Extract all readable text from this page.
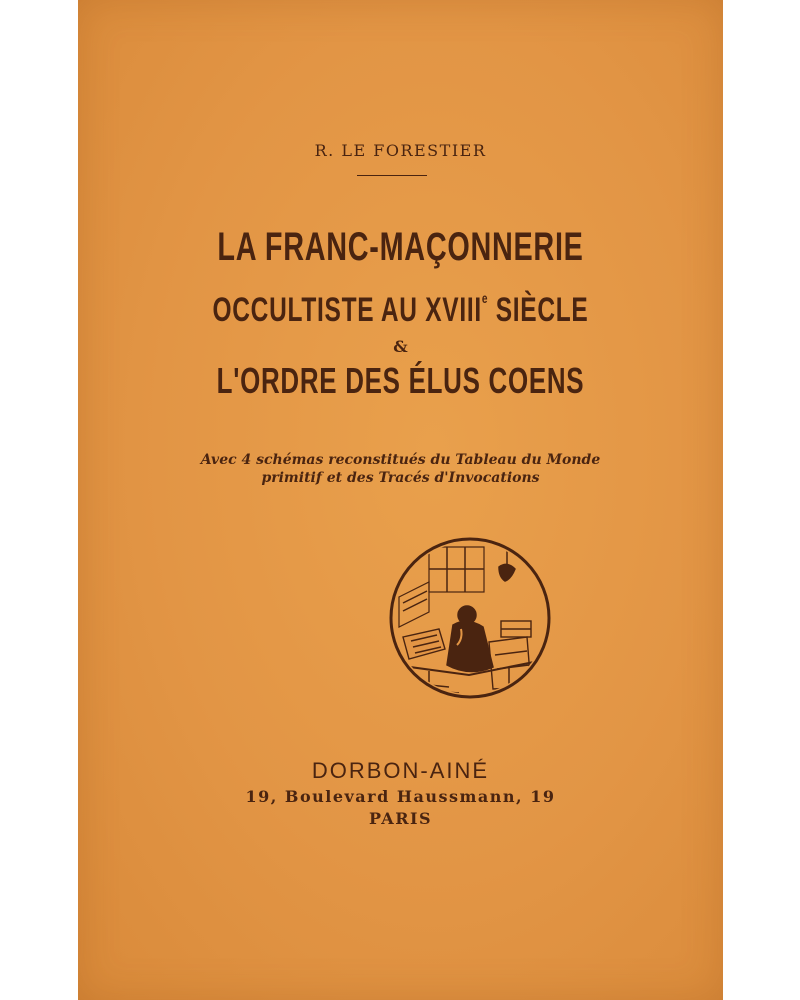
R. LE FORESTIER
LA FRANC-MAÇONNERIE
OCCULTISTE AU XVIIIe SIÈCLE
&
L'ORDRE DES ÉLUS COENS
Avec 4 schémas reconstitués du Tableau du Monde
primitif et des Tracés d'Invocations
DORBON-AINÉ
19, Boulevard Haussmann, 19
PARIS
